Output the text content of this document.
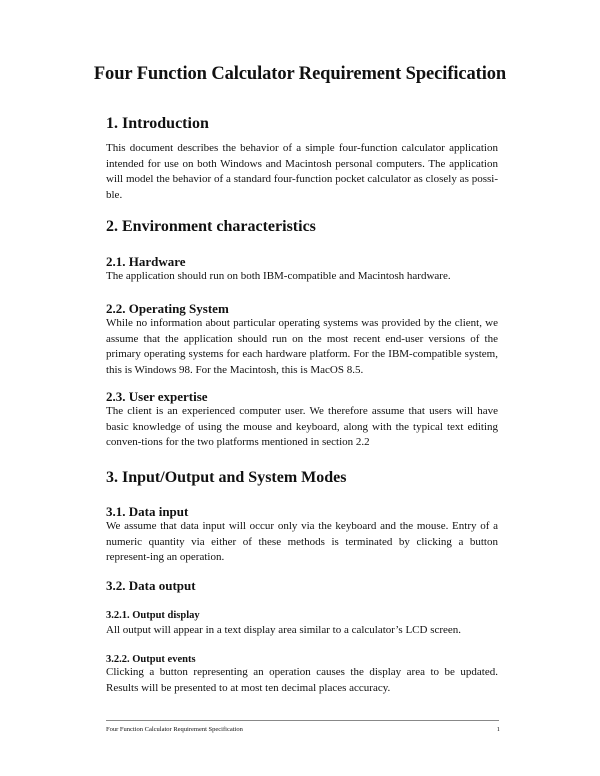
Four Function Calculator Requirement Specification
1. Introduction

This document describes the behavior of a simple four-function calculator application intended for use on both Windows and Macintosh personal computers. The application will model the behavior of a standard four-function pocket calculator as closely as possi-ble.

2. Environment characteristics
2.1. Hardware

The application should run on both IBM-compatible and Macintosh hardware.

2.2. Operating System

While no information about particular operating systems was provided by the client, we assume that the application should run on the most recent end-user versions of the primary operating systems for each hardware platform. For the IBM-compatible system, this is Windows 98. For the Macintosh, this is MacOS 8.5.

2.3. User expertise

The client is an experienced computer user. We therefore assume that users will have basic knowledge of using the mouse and keyboard, along with the typical text editing conven-tions for the two platforms mentioned in section 2.2

3. Input/Output and System Modes
3.1. Data input

We assume that data input will occur only via the keyboard and the mouse. Entry of a numeric quantity via either of these methods is terminated by clicking a button represent-ing an operation.

3.2. Data output
3.2.1. Output display

All output will appear in a text display area similar to a calculator’s LCD screen.

3.2.2. Output events

Clicking a button representing an operation causes the display area to be updated. Results will be presented to at most ten decimal places accuracy.

Four Function Calculator Requirement Specification	1
